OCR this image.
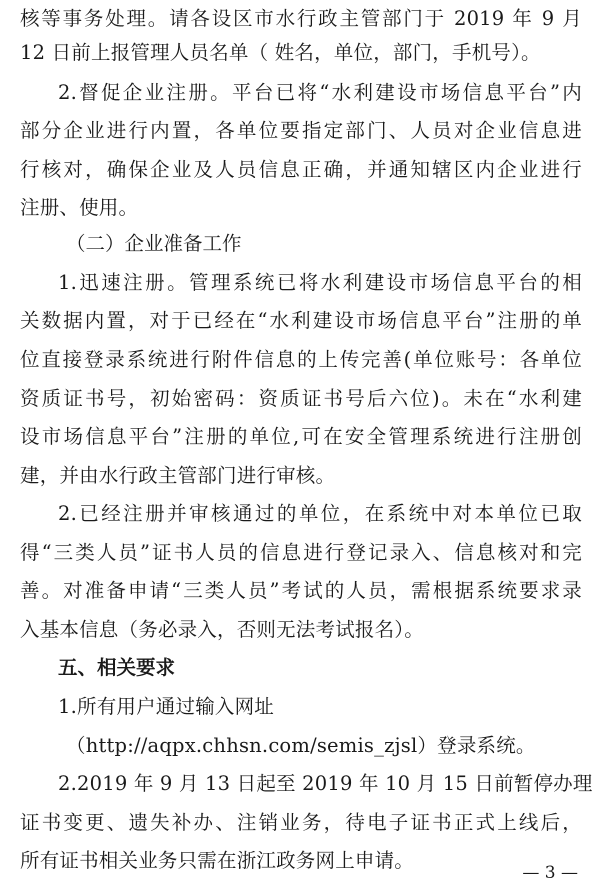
核等事务处理。请各设区市水行政主管部门于 2019 年 9 月
12 日前上报管理人员名单（ 姓名，单位，部门，手机号）。
2.督促企业注册。平台已将“水利建设市场信息平台”内
部分企业进行内置，各单位要指定部门、人员对企业信息进
行核对，确保企业及人员信息正确，并通知辖区内企业进行
注册、使用。
（二）企业准备工作
1.迅速注册。管理系统已将水利建设市场信息平台的相
关数据内置，对于已经在“水利建设市场信息平台”注册的单
位直接登录系统进行附件信息的上传完善(单位账号：各单位
资质证书号，初始密码：资质证书号后六位)。未在“水利建
设市场信息平台”注册的单位,可在安全管理系统进行注册创
建，并由水行政主管部门进行审核。
2.已经注册并审核通过的单位，在系统中对本单位已取
得“三类人员”证书人员的信息进行登记录入、信息核对和完
善。对准备申请“三类人员”考试的人员，需根据系统要求录
入基本信息（务必录入，否则无法考试报名）。
五、相关要求
1.所有用户通过输入网址
（http://aqpx.chhsn.com/semis_zjsl）登录系统。
2.2019 年 9 月 13 日起至 2019 年 10 月 15 日前暂停办理
证书变更、遗失补办、注销业务，待电子证书正式上线后，
所有证书相关业务只需在浙江政务网上申请。
— 3 —
